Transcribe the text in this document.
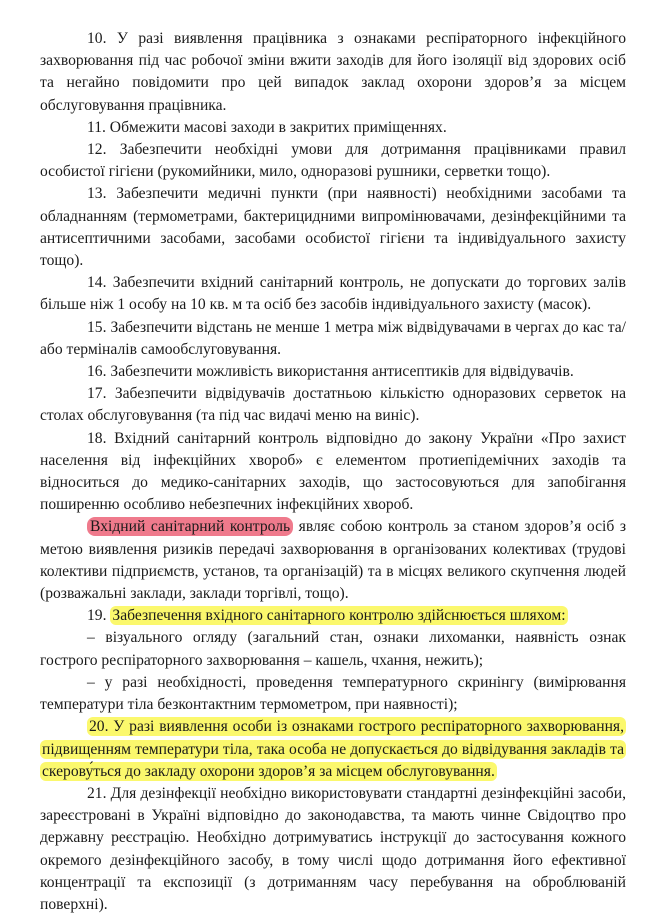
10. У разі виявлення працівника з ознаками респіраторного інфекційного захворювання під час робочої зміни вжити заходів для його ізоляції від здорових осіб та негайно повідомити про цей випадок заклад охорони здоров’я за місцем обслуговування працівника.

11. Обмежити масові заходи в закритих приміщеннях.

12. Забезпечити необхідні умови для дотримання працівниками правил особистої гігієни (рукомийники, мило, одноразові рушники, серветки тощо).

13. Забезпечити медичні пункти (при наявності) необхідними засобами та обладнанням (термометрами, бактерицидними випромінювачами, дезінфекційними та антисептичними засобами, засобами особистої гігієни та індивідуального захисту тощо).

14. Забезпечити вхідний санітарний контроль, не допускати до торгових залів більше ніж 1 особу на 10 кв. м та осіб без засобів індивідуального захисту (масок).

15. Забезпечити відстань не менше 1 метра між відвідувачами в чергах до кас та/або терміналів самообслуговування.

16. Забезпечити можливість використання антисептиків для відвідувачів.

17. Забезпечити відвідувачів достатньою кількістю одноразових серветок на столах обслуговування (та під час видачі меню на виніс).

18. Вхідний санітарний контроль відповідно до закону України «Про захист населення від інфекційних хвороб» є елементом протиепідемічних заходів та відноситься до медико-санітарних заходів, що застосовуються для запобігання поширенню особливо небезпечних інфекційних хвороб.

Вхідний санітарний контроль являє собою контроль за станом здоров’я осіб з метою виявлення ризиків передачі захворювання в організованих колективах (трудові колективи підприємств, установ, та організацій) та в місцях великого скупчення людей (розважальні заклади, заклади торгівлі, тощо).

19. Забезпечення вхідного санітарного контролю здійснюється шляхом:

– візуального огляду (загальний стан, ознаки лихоманки, наявність ознак гострого респіраторного захворювання – кашель, чхання, нежить);

– у разі необхідності, проведення температурного скринінгу (вимірювання температури тіла безконтактним термометром, при наявності);

20. У разі виявлення особи із ознаками гострого респіраторного захворювання, підвищенням температури тіла, така особа не допускається до відвідування закладів та скерову́ться до закладу охорони здоров’я за місцем обслуговування.

21. Для дезінфекції необхідно використовувати стандартні дезінфекційні засоби, зареєстровані в Україні відповідно до законодавства, та мають чинне Свідоцтво про державну реєстрацію. Необхідно дотримуватись інструкції до застосування кожного окремого дезінфекційного засобу, в тому числі щодо дотримання його ефективної концентрації та експозиції (з дотриманням часу перебування на оброблюваній поверхні).
